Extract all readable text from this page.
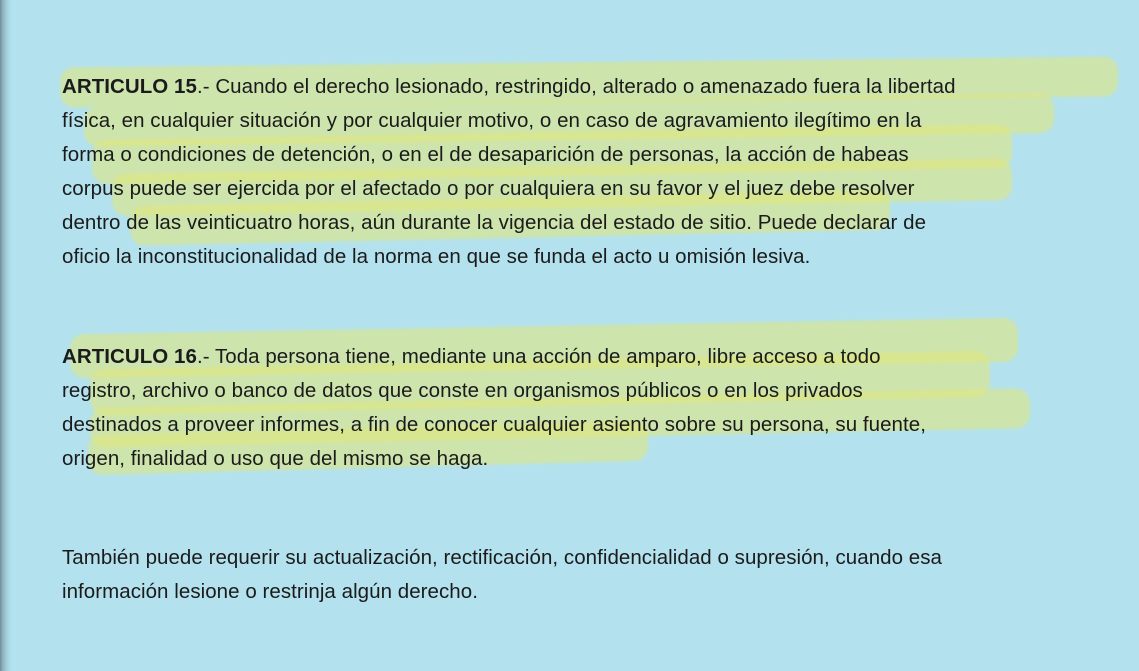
ARTICULO 15.- Cuando el derecho lesionado, restringido, alterado o amenazado fuera la libertad
física, en cualquier situación y por cualquier motivo, o en caso de agravamiento ilegítimo en la
forma o condiciones de detención, o en el de desaparición de personas, la acción de habeas
corpus puede ser ejercida por el afectado o por cualquiera en su favor y el juez debe resolver
dentro de las veinticuatro horas, aún durante la vigencia del estado de sitio. Puede declarar de
oficio la inconstitucionalidad de la norma en que se funda el acto u omisión lesiva.

ARTICULO 16.- Toda persona tiene, mediante una acción de amparo, libre acceso a todo
registro, archivo o banco de datos que conste en organismos públicos o en los privados
destinados a proveer informes, a fin de conocer cualquier asiento sobre su persona, su fuente,
origen, finalidad o uso que del mismo se haga.

También puede requerir su actualización, rectificación, confidencialidad o supresión, cuando esa
información lesione o restrinja algún derecho.
